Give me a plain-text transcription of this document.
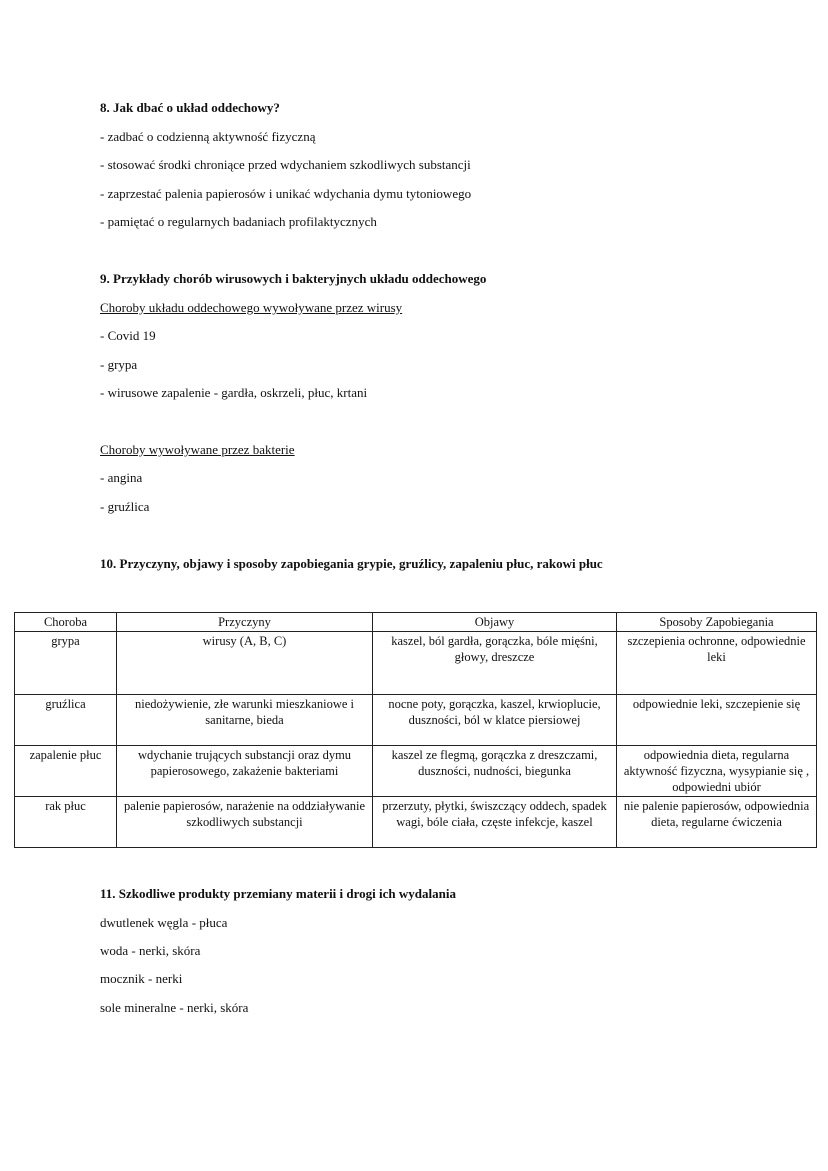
8. Jak dbać o układ oddechowy?
- zadbać o codzienną aktywność fizyczną
- stosować środki chroniące przed wdychaniem szkodliwych substancji
- zaprzestać palenia papierosów i unikać wdychania dymu tytoniowego
- pamiętać o regularnych badaniach profilaktycznych
9. Przykłady chorób wirusowych i bakteryjnych układu oddechowego
Choroby układu oddechowego wywoływane przez wirusy
- Covid 19
- grypa
- wirusowe zapalenie - gardła, oskrzeli, płuc, krtani
Choroby wywoływane przez bakterie
- angina
- gruźlica
10. Przyczyny, objawy i sposoby zapobiegania grypie, gruźlicy, zapaleniu płuc, rakowi płuc
Choroba	Przyczyny	Objawy	Sposoby Zapobiegania
grypa	wirusy (A, B, C)	kaszel, ból gardła, gorączka, bóle mięśni, głowy, dreszcze	szczepienia ochronne, odpowiednie leki
gruźlica	niedożywienie, złe warunki mieszkaniowe i sanitarne, bieda	nocne poty, gorączka, kaszel, krwioplucie, duszności, ból w klatce piersiowej	odpowiednie leki, szczepienie się
zapalenie płuc	wdychanie trujących substancji oraz dymu papierosowego, zakażenie bakteriami	kaszel ze flegmą, gorączka z dreszczami, duszności, nudności, biegunka	odpowiednia dieta, regularna aktywność fizyczna, wysypianie się , odpowiedni ubiór
rak płuc	palenie papierosów, narażenie na oddziaływanie szkodliwych substancji	przerzuty, płytki, świszczący oddech, spadek wagi, bóle ciała, częste infekcje, kaszel	nie palenie papierosów, odpowiednia dieta, regularne ćwiczenia
11. Szkodliwe produkty przemiany materii i drogi ich wydalania
dwutlenek węgla - płuca
woda - nerki, skóra
mocznik - nerki
sole mineralne - nerki, skóra
